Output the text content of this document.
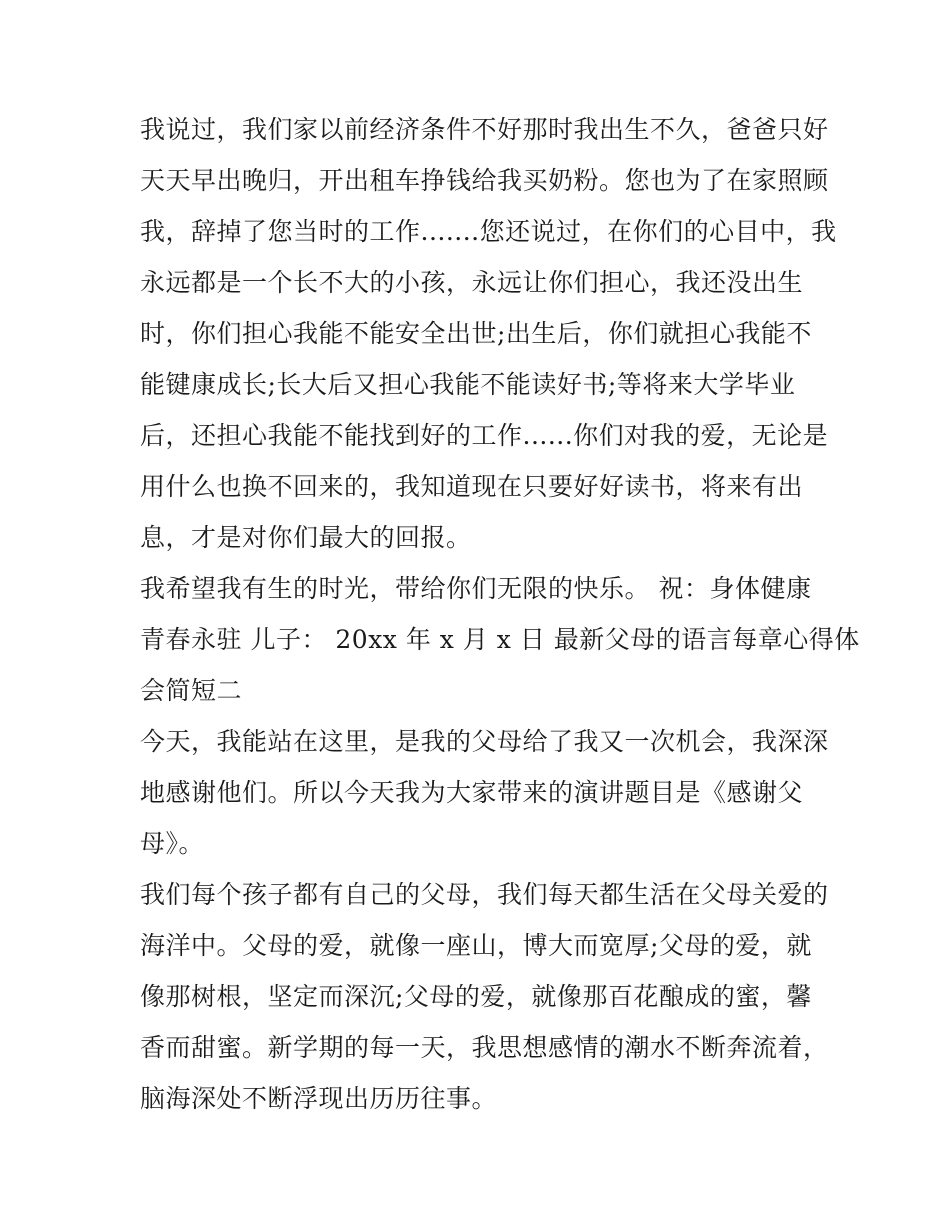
我说过，我们家以前经济条件不好那时我出生不久，爸爸只好
天天早出晚归，开出租车挣钱给我买奶粉。您也为了在家照顾
我，辞掉了您当时的工作.......您还说过，在你们的心目中，我
永远都是一个长不大的小孩，永远让你们担心，我还没出生
时，你们担心我能不能安全出世;出生后，你们就担心我能不
能键康成长;长大后又担心我能不能读好书;等将来大学毕业
后，还担心我能不能找到好的工作......你们对我的爱，无论是
用什么也换不回来的，我知道现在只要好好读书，将来有出
息，才是对你们最大的回报。
我希望我有生的时光，带给你们无限的快乐。 祝：身体健康
青春永驻 儿子： 20xx 年 x 月 x 日 最新父母的语言每章心得体
会简短二
今天，我能站在这里，是我的父母给了我又一次机会，我深深
地感谢他们。所以今天我为大家带来的演讲题目是《感谢父
母》。
我们每个孩子都有自己的父母，我们每天都生活在父母关爱的
海洋中。父母的爱，就像一座山，博大而宽厚;父母的爱，就
像那树根，坚定而深沉;父母的爱，就像那百花酿成的蜜，馨
香而甜蜜。新学期的每一天，我思想感情的潮水不断奔流着，
脑海深处不断浮现出历历往事。
